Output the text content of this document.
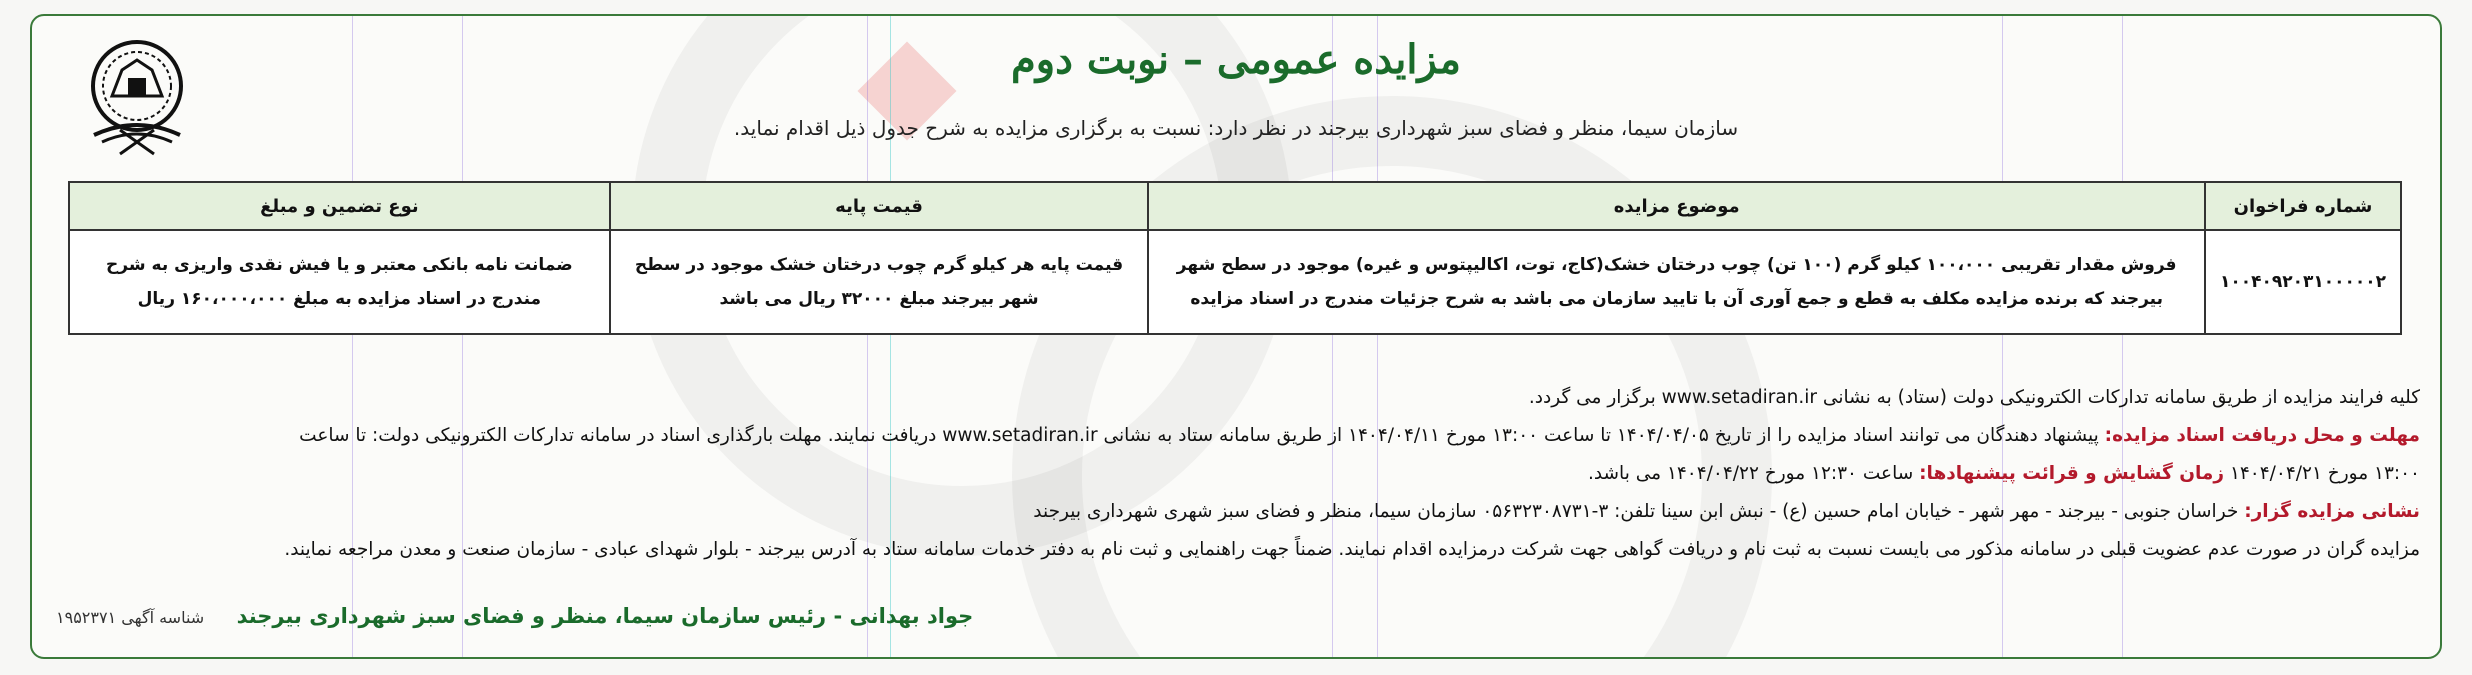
مزایده عمومی – نوبت دوم
سازمان سیما، منظر و فضای سبز شهرداری بیرجند در نظر دارد: نسبت به برگزاری مزایده به شرح جدول ذیل اقدام نماید.
شماره فراخوان	موضوع مزایده	قیمت پایه	نوع تضمین و مبلغ
۱۰۰۴۰۹۲۰۳۱۰۰۰۰۰۲	فروش مقدار تقریبی ۱۰۰،۰۰۰ کیلو گرم (۱۰۰ تن) چوب درختان خشک(کاج، توت، اکالیپتوس و غیره) موجود در سطح شهر بیرجند که برنده مزایده مکلف به قطع و جمع آوری آن با تایید سازمان می باشد به شرح جزئیات مندرج در اسناد مزایده	قیمت پایه هر کیلو گرم چوب درختان خشک موجود در سطح شهر بیرجند مبلغ ۳۲۰۰۰ ریال می باشد	ضمانت نامه بانکی معتبر و یا فیش نقدی واریزی به شرح مندرج در اسناد مزایده به مبلغ ۱۶۰،۰۰۰،۰۰۰ ریال

کلیه فرایند مزایده از طریق سامانه تدارکات الکترونیکی دولت (ستاد) به نشانی www.setadiran.ir برگزار می گردد.

مهلت و محل دریافت اسناد مزایده: پیشنهاد دهندگان می توانند اسناد مزایده را از تاریخ ۱۴۰۴/۰۴/۰۵ تا ساعت ۱۳:۰۰ مورخ ۱۴۰۴/۰۴/۱۱ از طریق سامانه ستاد به نشانی www.setadiran.ir دریافت نمایند. مهلت بارگذاری اسناد در سامانه تدارکات الکترونیکی دولت: تا ساعت

۱۳:۰۰ مورخ ۱۴۰۴/۰۴/۲۱ زمان گشایش و قرائت پیشنهادها: ساعت ۱۲:۳۰ مورخ ۱۴۰۴/۰۴/۲۲ می باشد.

نشانی مزایده گزار: خراسان جنوبی - بیرجند - مهر شهر - خیابان امام حسین (ع) - نبش ابن سینا تلفن: ۳-۰۵۶۳۲۳۰۸۷۳۱ سازمان سیما، منظر و فضای سبز شهری شهرداری بیرجند

مزایده گران در صورت عدم عضویت قبلی در سامانه مذکور می بایست نسبت به ثبت نام و دریافت گواهی جهت شرکت درمزایده اقدام نمایند. ضمناً جهت راهنمایی و ثبت نام به دفتر خدمات سامانه ستاد به آدرس بیرجند - بلوار شهدای عبادی - سازمان صنعت و معدن مراجعه نمایند.

جواد بهدانی - رئیس سازمان سیما، منظر و فضای سبز شهرداری بیرجند شناسه آگهی ۱۹۵۲۳۷۱
